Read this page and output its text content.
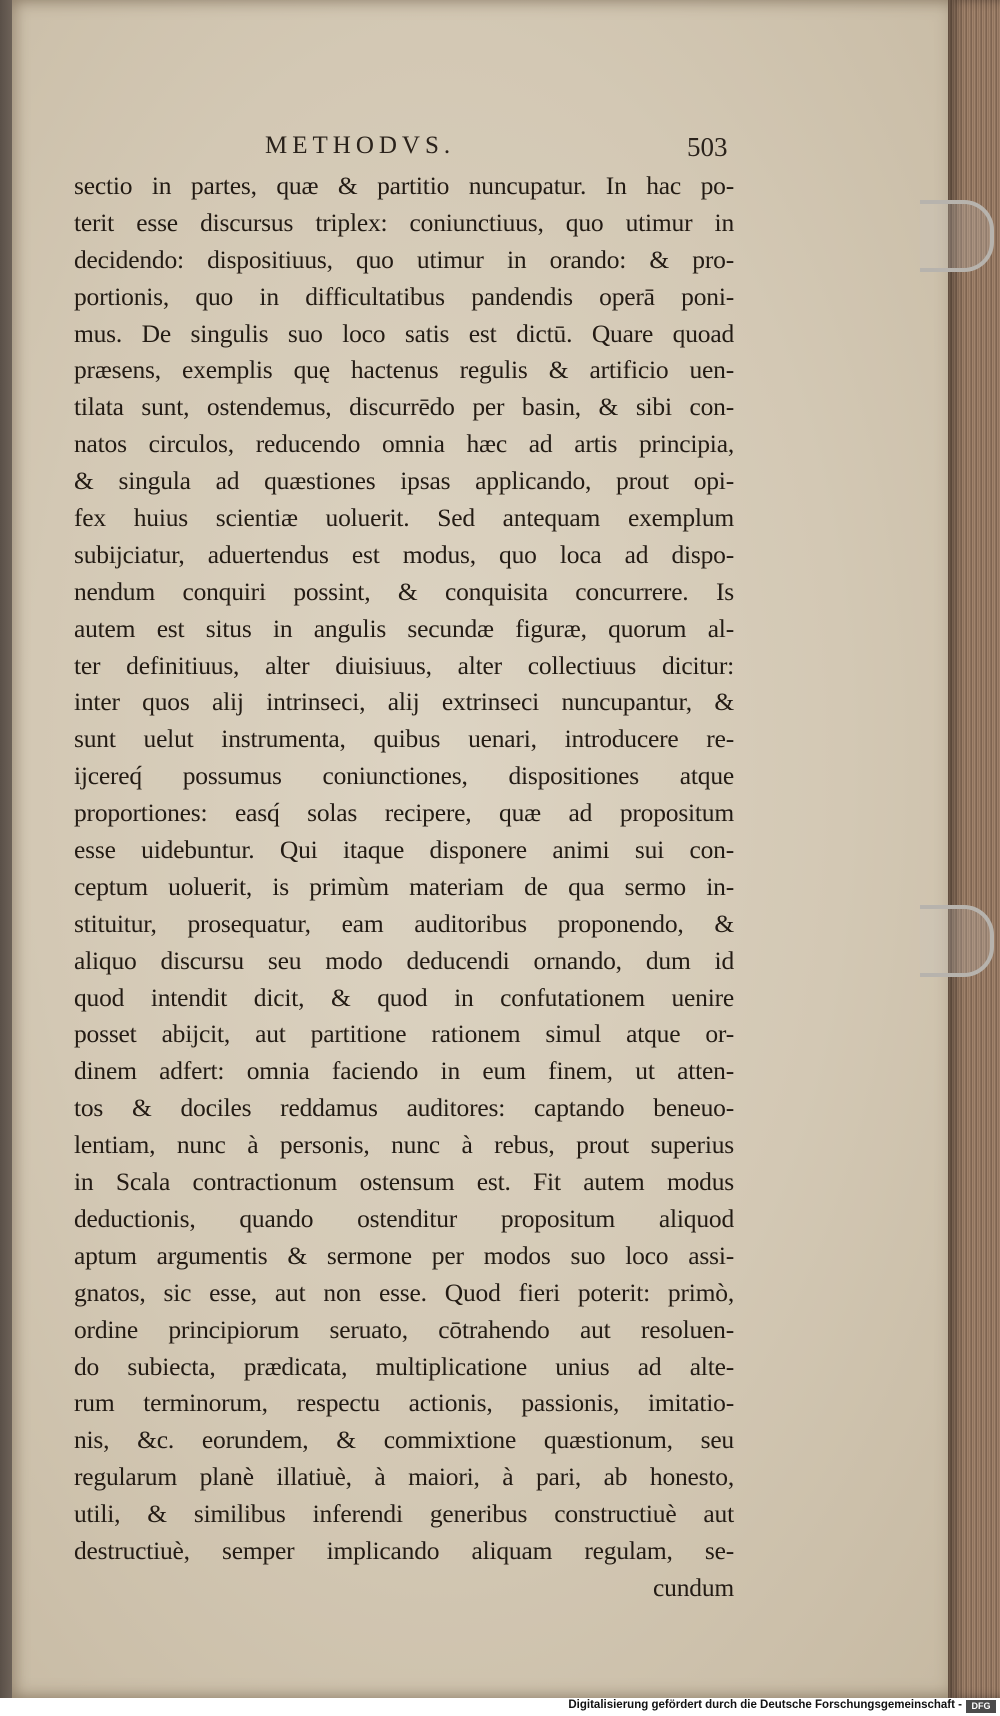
METHODVS.	503
sectio in partes, quæ & partitio nuncupatur. In hac po-
terit esse discursus triplex: coniunctiuus, quo utimur in
decidendo: dispositiuus, quo utimur in orando: & pro-
portionis, quo in difficultatibus pandendis operā poni-
mus. De singulis suo loco satis est dictū. Quare quoad
præsens, exemplis quę hactenus regulis & artificio uen-
tilata sunt, ostendemus, discurrēdo per basin, & sibi con-
natos circulos, reducendo omnia hæc ad artis principia,
& singula ad quæstiones ipsas applicando, prout opi-
fex huius scientiæ uoluerit. Sed antequam exemplum
subijciatur, aduertendus est modus, quo loca ad dispo-
nendum conquiri possint, & conquisita concurrere. Is
autem est situs in angulis secundæ figuræ, quorum al-
ter definitiuus, alter diuisiuus, alter collectiuus dicitur:
inter quos alij intrinseci, alij extrinseci nuncupantur, &
sunt uelut instrumenta, quibus uenari, introducere re-
ijcereq́ possumus coniunctiones, dispositiones atque
proportiones: easq́ solas recipere, quæ ad propositum
esse uidebuntur. Qui itaque disponere animi sui con-
ceptum uoluerit, is primùm materiam de qua sermo in-
stituitur, prosequatur, eam auditoribus proponendo, &
aliquo discursu seu modo deducendi ornando, dum id
quod intendit dicit, & quod in confutationem uenire
posset abijcit, aut partitione rationem simul atque or-
dinem adfert: omnia faciendo in eum finem, ut atten-
tos & dociles reddamus auditores: captando beneuo-
lentiam, nunc à personis, nunc à rebus, prout superius
in Scala contractionum ostensum est. Fit autem modus
deductionis, quando ostenditur propositum aliquod
aptum argumentis & sermone per modos suo loco assi-
gnatos, sic esse, aut non esse. Quod fieri poterit: primò,
ordine principiorum seruato, cōtrahendo aut resoluen-
do subiecta, prædicata, multiplicatione unius ad alte-
rum terminorum, respectu actionis, passionis, imitatio-
nis, &c. eorundem, & commixtione quæstionum, seu
regularum planè illatiuè, à maiori, à pari, ab honesto,
utili, & similibus inferendi generibus constructiuè aut
destructiuè, semper implicando aliquam regulam, se-
cundum
Digitalisierung gefördert durch die Deutsche Forschungsgemeinschaft -	DFG
